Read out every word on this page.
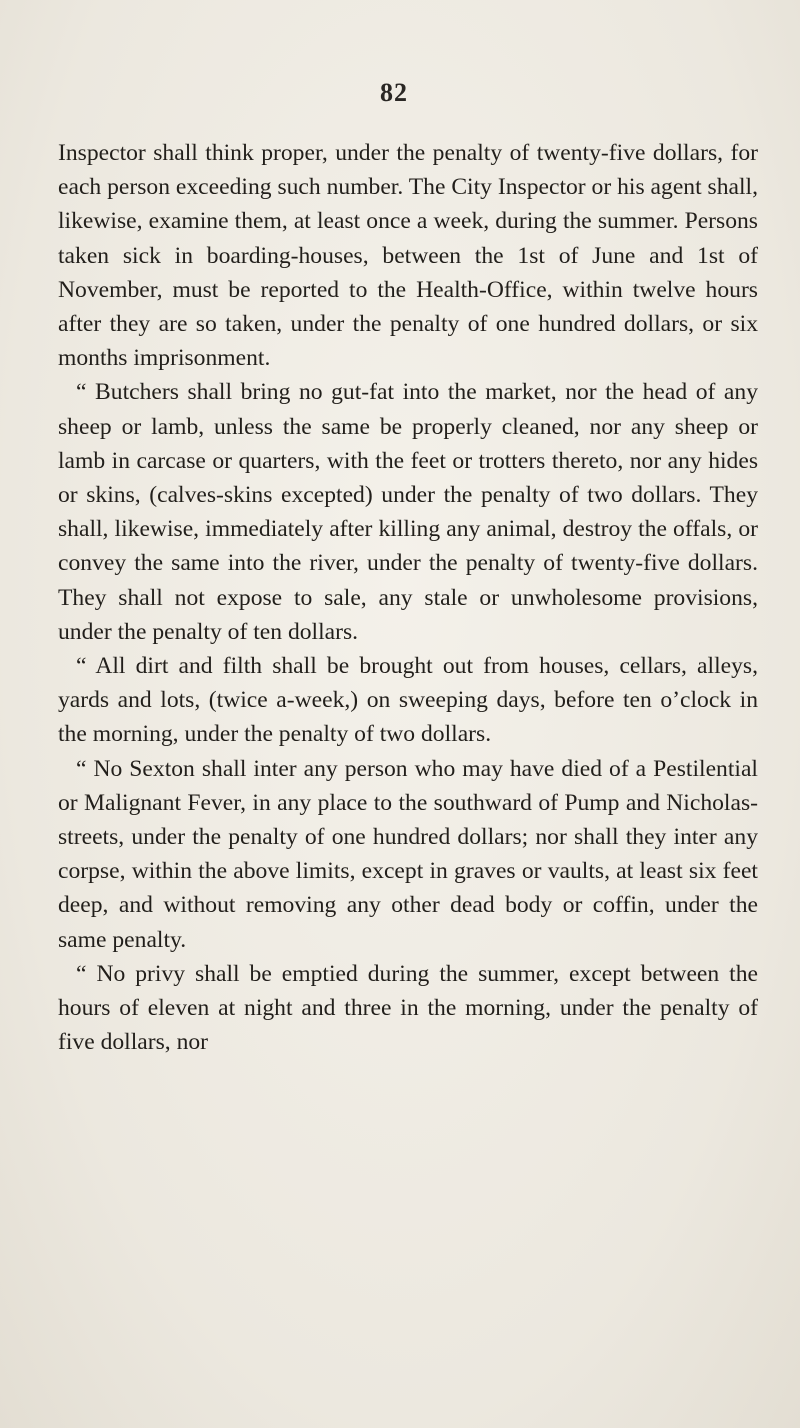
82

Inspector shall think proper, under the penalty of twenty-five dollars, for each person exceeding such number. The City Inspector or his agent shall, likewise, examine them, at least once a week, during the summer. Persons taken sick in boarding-houses, between the 1st of June and 1st of November, must be reported to the Health-Office, within twelve hours after they are so taken, under the penalty of one hundred dollars, or six months imprisonment.

“ Butchers shall bring no gut-fat into the market, nor the head of any sheep or lamb, unless the same be properly cleaned, nor any sheep or lamb in carcase or quarters, with the feet or trotters thereto, nor any hides or skins, (calves-skins excepted) under the penalty of two dollars. They shall, likewise, immediately after killing any animal, destroy the offals, or convey the same into the river, under the penalty of twenty-five dollars. They shall not expose to sale, any stale or unwholesome provisions, under the penalty of ten dollars.

“ All dirt and filth shall be brought out from houses, cellars, alleys, yards and lots, (twice a-week,) on sweeping days, before ten o’clock in the morning, under the penalty of two dollars.

“ No Sexton shall inter any person who may have died of a Pestilential or Malignant Fever, in any place to the southward of Pump and Nicholas-streets, under the penalty of one hundred dollars; nor shall they inter any corpse, within the above limits, except in graves or vaults, at least six feet deep, and without removing any other dead body or coffin, under the same penalty.

“ No privy shall be emptied during the summer, except between the hours of eleven at night and three in the morning, under the penalty of five dollars, nor
